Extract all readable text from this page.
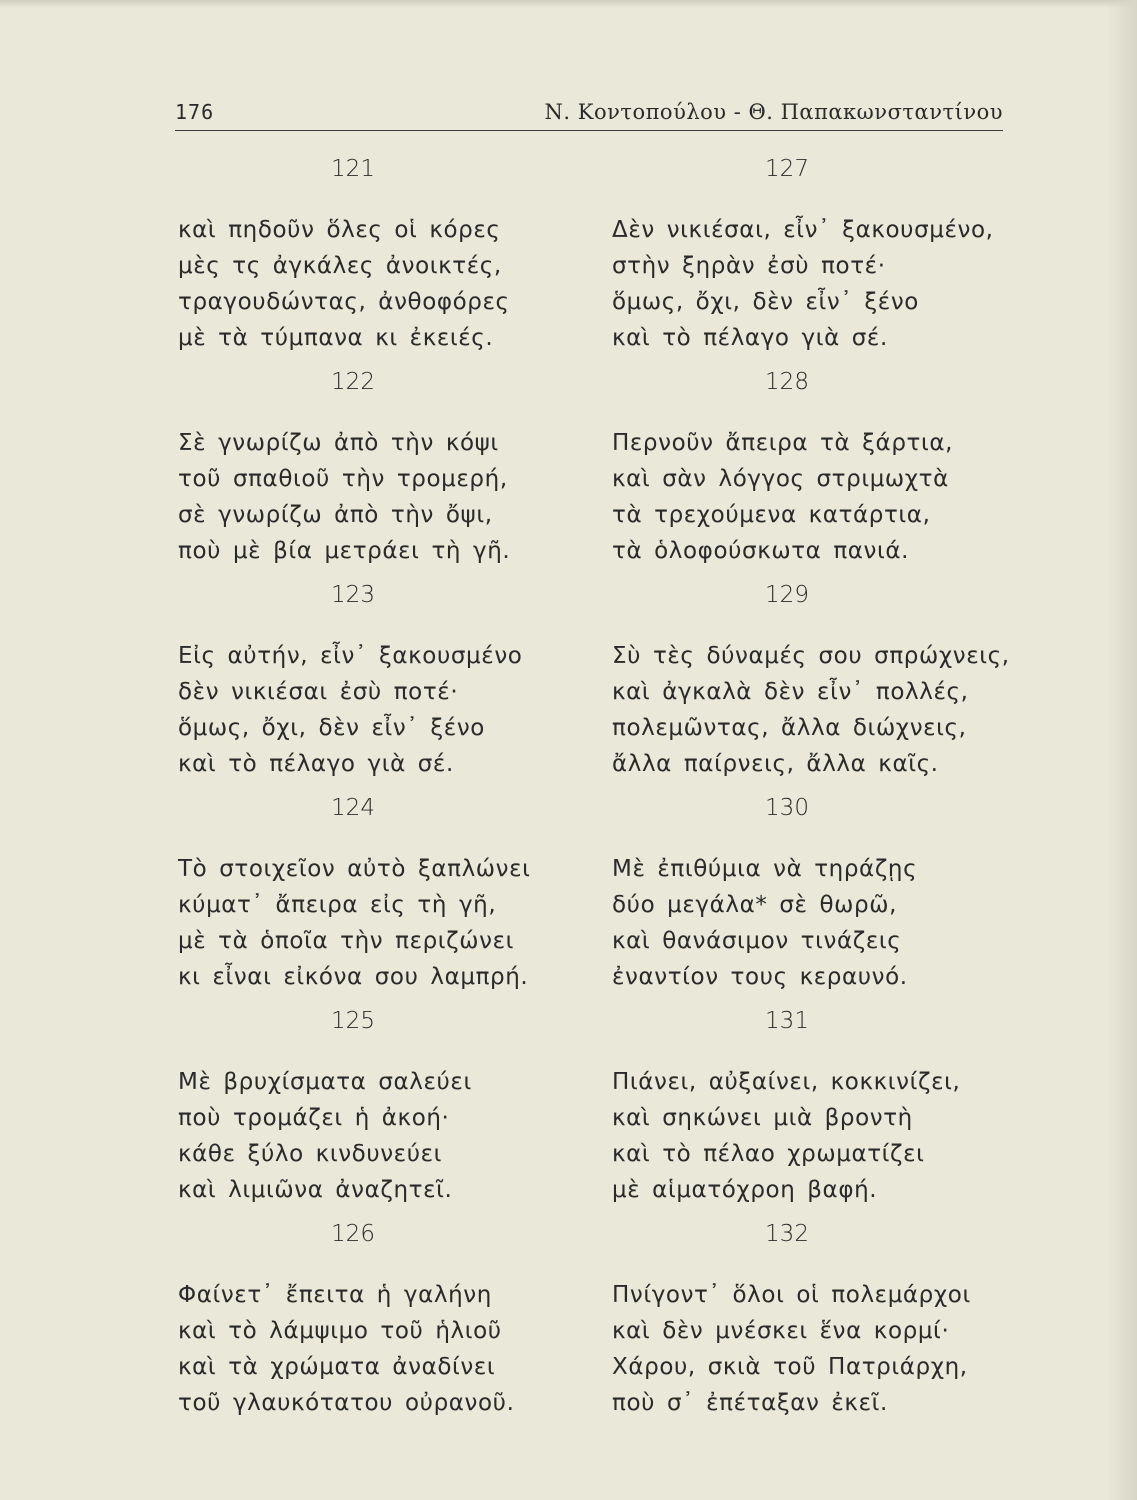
176	Ν. Κοντοπούλου - Θ. Παπακωνσταντίνου
121
καὶ πηδοῦν ὅλες οἱ κόρες
μὲς τς ἀγκάλες ἀνοικτές,
τραγουδώντας, ἀνθοφόρες
μὲ τὰ τύμπανα κι ἐκειές.
122
Σὲ γνωρίζω ἀπὸ τὴν κόψι
τοῦ σπαθιοῦ τὴν τρομερή,
σὲ γνωρίζω ἀπὸ τὴν ὄψι,
ποὺ μὲ βία μετράει τὴ γῆ.
123
Εἰς αὐτήν, εἶν᾿ ξακουσμένο
δὲν νικιέσαι ἐσὺ ποτέ·
ὅμως, ὄχι, δὲν εἶν᾿ ξένο
καὶ τὸ πέλαγο γιὰ σέ.
124
Τὸ στοιχεῖον αὐτὸ ξαπλώνει
κύματ᾿ ἄπειρα εἰς τὴ γῆ,
μὲ τὰ ὁποῖα τὴν περιζώνει
κι εἶναι εἰκόνα σου λαμπρή.
125
Μὲ βρυχίσματα σαλεύει
ποὺ τρομάζει ἡ ἀκοή·
κάθε ξύλο κινδυνεύει
καὶ λιμιῶνα ἀναζητεῖ.
126
Φαίνετ᾿ ἔπειτα ἡ γαλήνη
καὶ τὸ λάμψιμο τοῦ ἡλιοῦ
καὶ τὰ χρώματα ἀναδίνει
τοῦ γλαυκότατου οὐρανοῦ.
127
Δὲν νικιέσαι, εἶν᾿ ξακουσμένο,
στὴν ξηρὰν ἐσὺ ποτέ·
ὅμως, ὄχι, δὲν εἶν᾿ ξένο
καὶ τὸ πέλαγο γιὰ σέ.
128
Περνοῦν ἄπειρα τὰ ξάρτια,
καὶ σὰν λόγγος στριμωχτὰ
τὰ τρεχούμενα κατάρτια,
τὰ ὁλοφούσκωτα πανιά.
129
Σὺ τὲς δύναμές σου σπρώχνεις,
καὶ ἀγκαλὰ δὲν εἶν᾿ πολλές,
πολεμῶντας, ἄλλα διώχνεις,
ἄλλα παίρνεις, ἄλλα καῖς.
130
Μὲ ἐπιθύμια νὰ τηράζῃς
δύο μεγάλα* σὲ θωρῶ,
καὶ θανάσιμον τινάζεις
ἐναντίον τους κεραυνό.
131
Πιάνει, αὐξαίνει, κοκκινίζει,
καὶ σηκώνει μιὰ βροντὴ
καὶ τὸ πέλαο χρωματίζει
μὲ αἱματόχροη βαφή.
132
Πνίγοντ᾿ ὅλοι οἱ πολεμάρχοι
καὶ δὲν μνέσκει ἕνα κορμί·
Χάρου, σκιὰ τοῦ Πατριάρχη,
ποὺ σ᾿ ἐπέταξαν ἐκεῖ.
